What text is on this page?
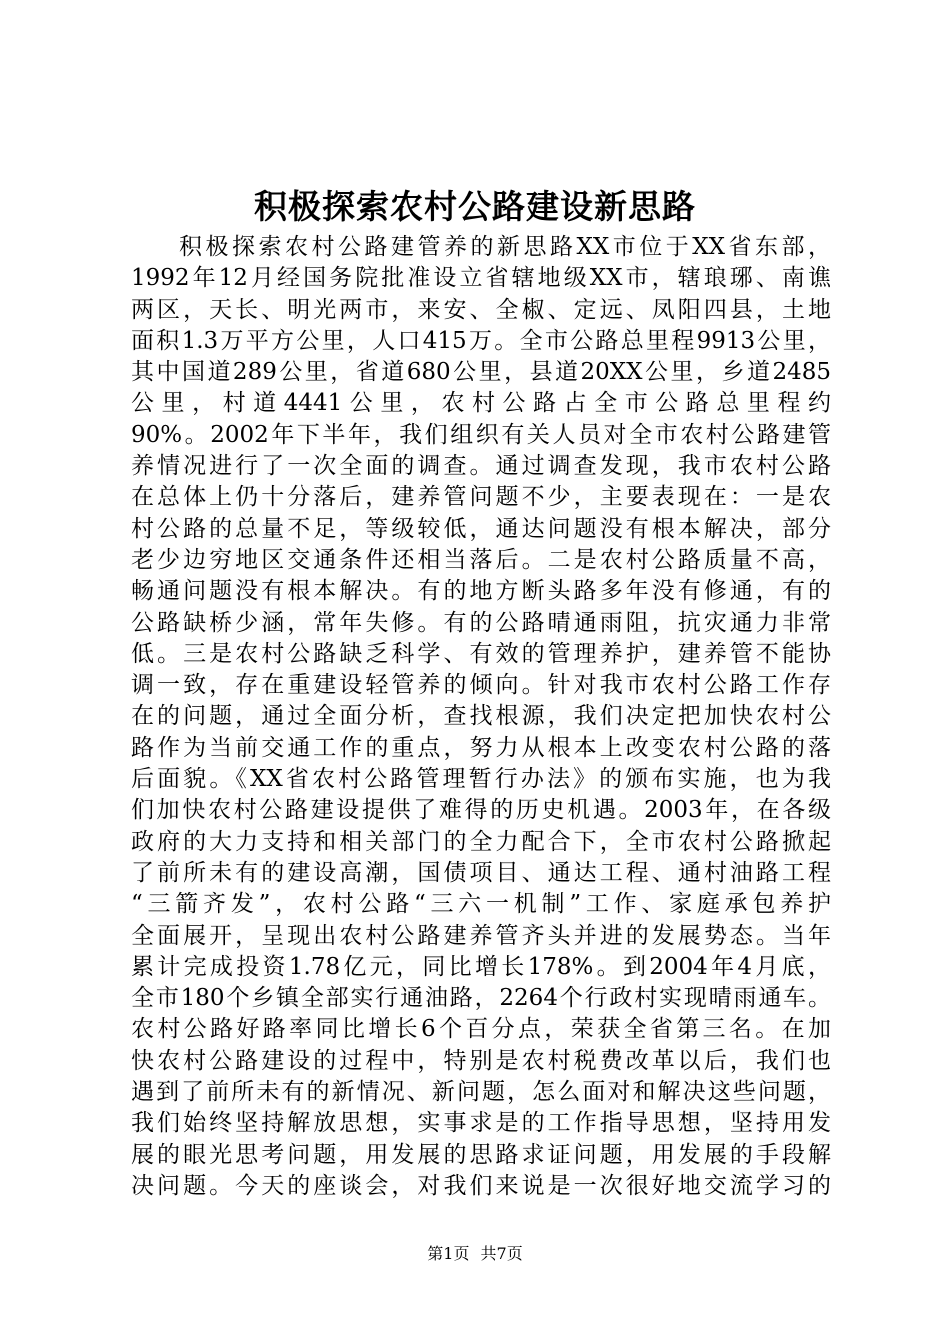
积极探索农村公路建设新思路
积极探索农村公路建管养的新思路XX市位于XX省东部，
1992年12月经国务院批准设立省辖地级XX市，辖琅琊、南谯
两区，天长、明光两市，来安、全椒、定远、凤阳四县，土地
面积1.3万平方公里，人口415万。全市公路总里程9913公里，
其中国道289公里，省道680公里，县道20XX公里，乡道2485
公里，村道4441公里，农村公路占全市公路总里程约
90%。2002年下半年，我们组织有关人员对全市农村公路建管
养情况进行了一次全面的调查。通过调查发现，我市农村公路
在总体上仍十分落后，建养管问题不少，主要表现在：一是农
村公路的总量不足，等级较低，通达问题没有根本解决，部分
老少边穷地区交通条件还相当落后。二是农村公路质量不高，
畅通问题没有根本解决。有的地方断头路多年没有修通，有的
公路缺桥少涵，常年失修。有的公路晴通雨阻，抗灾通力非常
低。三是农村公路缺乏科学、有效的管理养护，建养管不能协
调一致，存在重建设轻管养的倾向。针对我市农村公路工作存
在的问题，通过全面分析，查找根源，我们决定把加快农村公
路作为当前交通工作的重点，努力从根本上改变农村公路的落
后面貌。《XX省农村公路管理暂行办法》的颁布实施，也为我
们加快农村公路建设提供了难得的历史机遇。2003年，在各级
政府的大力支持和相关部门的全力配合下，全市农村公路掀起
了前所未有的建设高潮，国债项目、通达工程、通村油路工程
“三箭齐发”，农村公路“三六一机制”工作、家庭承包养护
全面展开，呈现出农村公路建养管齐头并进的发展势态。当年
累计完成投资1.78亿元，同比增长178%。到2004年4月底，
全市180个乡镇全部实行通油路，2264个行政村实现晴雨通车。
农村公路好路率同比增长6个百分点，荣获全省第三名。在加
快农村公路建设的过程中，特别是农村税费改革以后，我们也
遇到了前所未有的新情况、新问题，怎么面对和解决这些问题，
我们始终坚持解放思想，实事求是的工作指导思想，坚持用发
展的眼光思考问题，用发展的思路求证问题，用发展的手段解
决问题。今天的座谈会，对我们来说是一次很好地交流学习的
第1页 共7页
